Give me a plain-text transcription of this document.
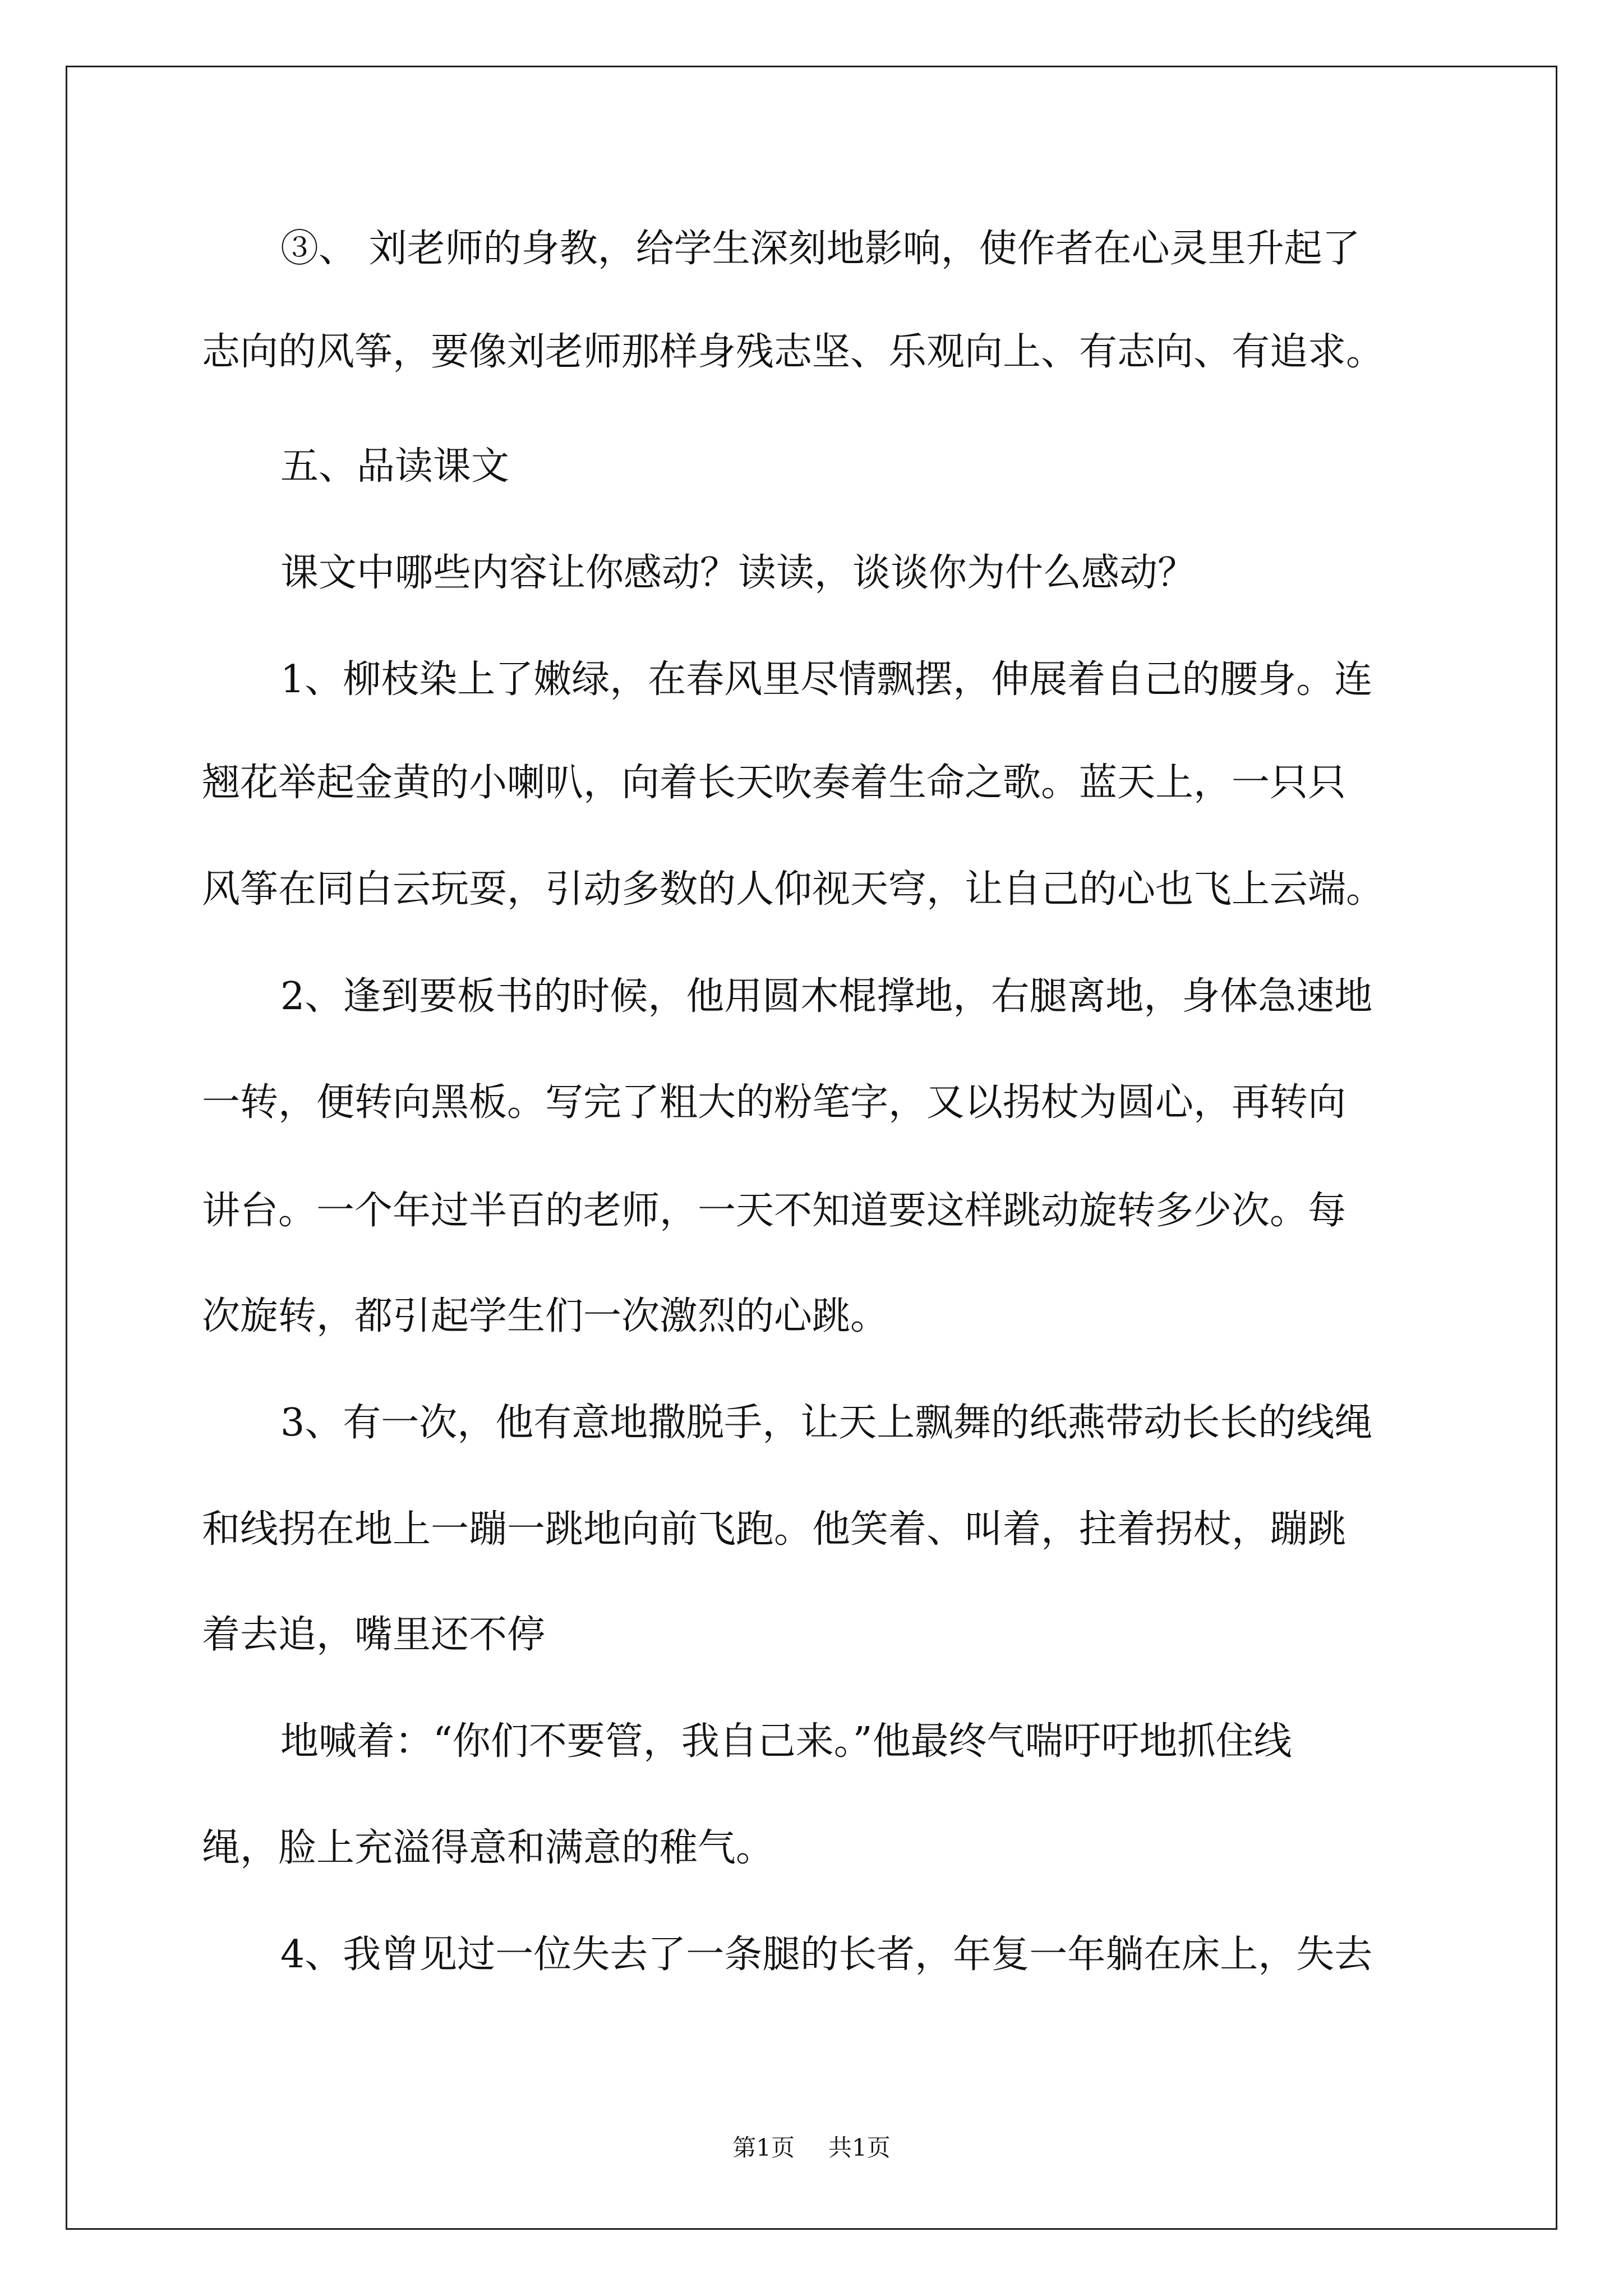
③、 刘老师的身教，给学生深刻地影响，使作者在心灵里升起了

志向的风筝，要像刘老师那样身残志坚、乐观向上、有志向、有追求。

五、品读课文

课文中哪些内容让你感动？读读，谈谈你为什么感动？

1、柳枝染上了嫩绿，在春风里尽情飘摆，伸展着自己的腰身。连

翘花举起金黄的小喇叭，向着长天吹奏着生命之歌。蓝天上，一只只

风筝在同白云玩耍，引动多数的人仰视天穹，让自己的心也飞上云端。

2、逢到要板书的时候，他用圆木棍撑地，右腿离地，身体急速地

一转，便转向黑板。写完了粗大的粉笔字，又以拐杖为圆心，再转向

讲台。一个年过半百的老师，一天不知道要这样跳动旋转多少次。每

次旋转，都引起学生们一次激烈的心跳。

3、有一次，他有意地撒脱手，让天上飘舞的纸燕带动长长的线绳

和线拐在地上一蹦一跳地向前飞跑。他笑着、叫着，拄着拐杖，蹦跳

着去追，嘴里还不停

地喊着：“你们不要管，我自己来。”他最终气喘吁吁地抓住线

绳，脸上充溢得意和满意的稚气。

4、我曾见过一位失去了一条腿的长者，年复一年躺在床上，失去

第1页 共1页
